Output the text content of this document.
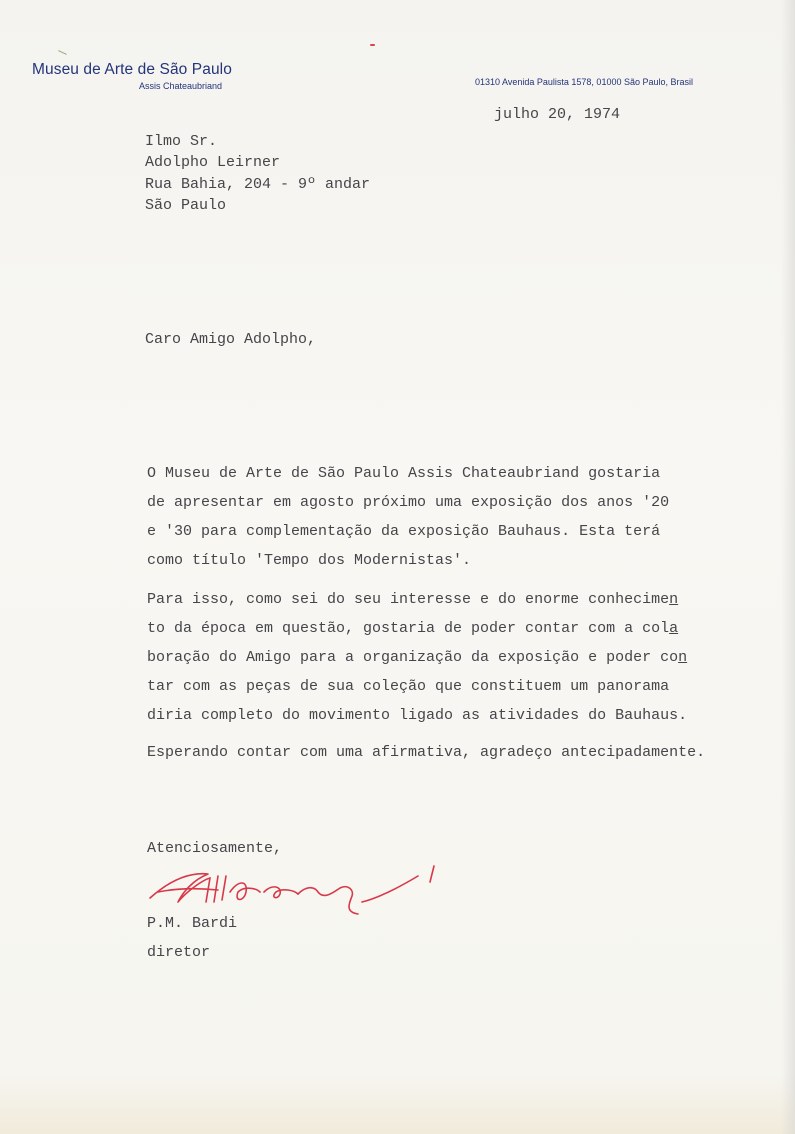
Museu de Arte de São Paulo
Assis Chateaubriand	01310 Avenida Paulista 1578, 01000 São Paulo, Brasil
julho 20, 1974
Ilmo Sr.
Adolpho Leirner
Rua Bahia, 204 - 9º andar
São Paulo
Caro Amigo Adolpho,
O Museu de Arte de São Paulo Assis Chateaubriand gostaria
de apresentar em agosto próximo uma exposição dos anos '20
e '30 para complementação da exposição Bauhaus. Esta terá
como título 'Tempo dos Modernistas'.
Para isso, como sei do seu interesse e do enorme conhecimen
to da época em questão, gostaria de poder contar com a cola
boração do Amigo para a organização da exposição e poder con
tar com as peças de sua coleção que constituem um panorama
diria completo do movimento ligado as atividades do Bauhaus.
Esperando contar com uma afirmativa, agradeço antecipadamente.
Atenciosamente,
P.M. Bardi
diretor
